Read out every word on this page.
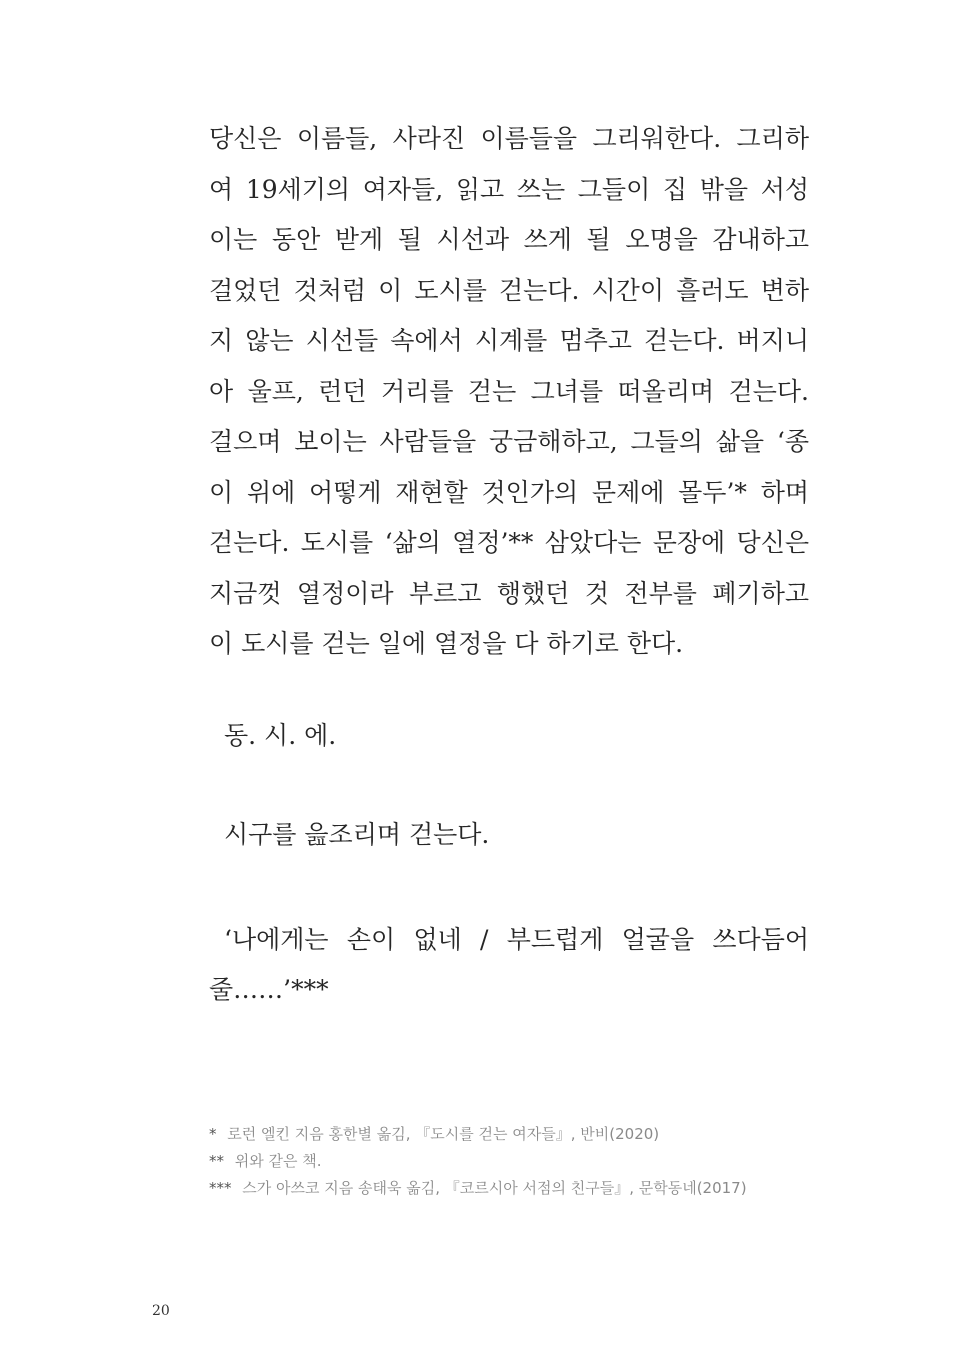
당신은 이름들, 사라진 이름들을 그리워한다. 그리하
여 19세기의 여자들, 읽고 쓰는 그들이 집 밖을 서성
이는 동안 받게 될 시선과 쓰게 될 오명을 감내하고
걸었던 것처럼 이 도시를 걷는다. 시간이 흘러도 변하
지 않는 시선들 속에서 시계를 멈추고 걷는다. 버지니
아 울프, 런던 거리를 걷는 그녀를 떠올리며 걷는다.
걸으며 보이는 사람들을 궁금해하고, 그들의 삶을 ‘종
이 위에 어떻게 재현할 것인가의 문제에 몰두’* 하며
걷는다. 도시를 ‘삶의 열정’** 삼았다는 문장에 당신은
지금껏 열정이라 부르고 행했던 것 전부를 폐기하고
이 도시를 걷는 일에 열정을 다 하기로 한다.

동. 시. 에.

시구를 읊조리며 걷는다.

‘나에게는 손이 없네 / 부드럽게 얼굴을 쓰다듬어
줄……’***

* 로런 엘킨 지음 홍한별 옮김, 『도시를 걷는 여자들』, 반비(2020)
** 위와 같은 책.
*** 스가 아쓰코 지음 송태욱 옮김, 『코르시아 서점의 친구들』, 문학동네(2017)

20
